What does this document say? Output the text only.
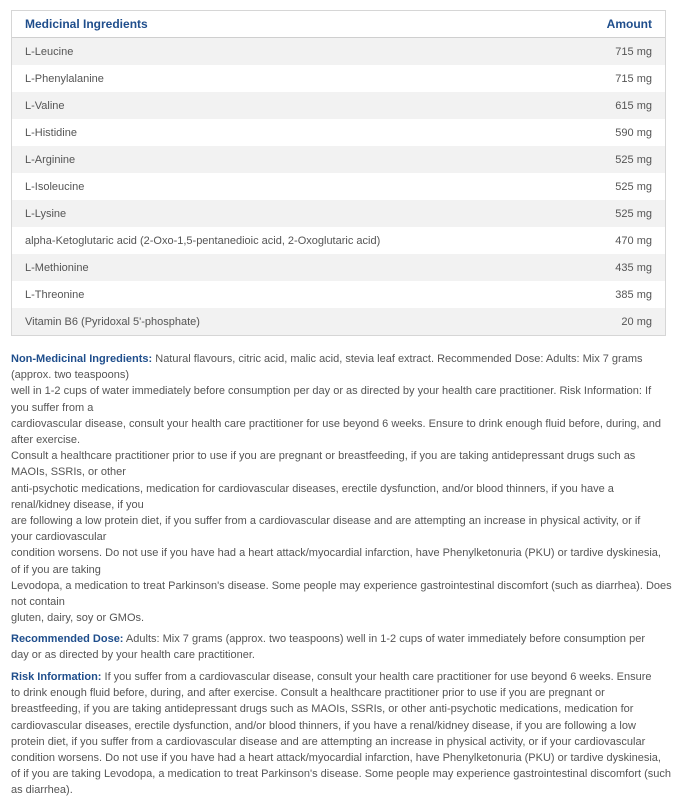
Medicinal Ingredients	Amount
L-Leucine	715 mg
L-Phenylalanine	715 mg
L-Valine	615 mg
L-Histidine	590 mg
L-Arginine	525 mg
L-Isoleucine	525 mg
L-Lysine	525 mg
alpha-Ketoglutaric acid (2-Oxo-1,5-pentanedioic acid, 2-Oxoglutaric acid)	470 mg
L-Methionine	435 mg
L-Threonine	385 mg
Vitamin B6 (Pyridoxal 5'-phosphate)	20 mg
Non-Medicinal Ingredients: Natural flavours, citric acid, malic acid, stevia leaf extract. Recommended Dose: Adults: Mix 7 grams
(approx. two teaspoons)
well in 1-2 cups of water immediately before consumption per day or as directed by your health care practitioner. Risk Information: If
you suffer from a
cardiovascular disease, consult your health care practitioner for use beyond 6 weeks. Ensure to drink enough fluid before, during, and
after exercise.
Consult a healthcare practitioner prior to use if you are pregnant or breastfeeding, if you are taking antidepressant drugs such as
MAOIs, SSRIs, or other
anti-psychotic medications, medication for cardiovascular diseases, erectile dysfunction, and/or blood thinners, if you have a
renal/kidney disease, if you
are following a low protein diet, if you suffer from a cardiovascular disease and are attempting an increase in physical activity, or if
your cardiovascular
condition worsens. Do not use if you have had a heart attack/myocardial infarction, have Phenylketonuria (PKU) or tardive dyskinesia,
of if you are taking
Levodopa, a medication to treat Parkinson's disease. Some people may experience gastrointestinal discomfort (such as diarrhea). Does
not contain
gluten, dairy, soy or GMOs.
Recommended Dose: Adults: Mix 7 grams (approx. two teaspoons) well in 1-2 cups of water immediately before consumption per
day or as directed by your health care practitioner.
Risk Information: If you suffer from a cardiovascular disease, consult your health care practitioner for use beyond 6 weeks. Ensure
to drink enough fluid before, during, and after exercise. Consult a healthcare practitioner prior to use if you are pregnant or
breastfeeding, if you are taking antidepressant drugs such as MAOIs, SSRIs, or other anti-psychotic medications, medication for
cardiovascular diseases, erectile dysfunction, and/or blood thinners, if you have a renal/kidney disease, if you are following a low
protein diet, if you suffer from a cardiovascular disease and are attempting an increase in physical activity, or if your cardiovascular
condition worsens. Do not use if you have had a heart attack/myocardial infarction, have Phenylketonuria (PKU) or tardive dyskinesia,
of if you are taking Levodopa, a medication to treat Parkinson's disease. Some people may experience gastrointestinal discomfort (such
as diarrhea).
